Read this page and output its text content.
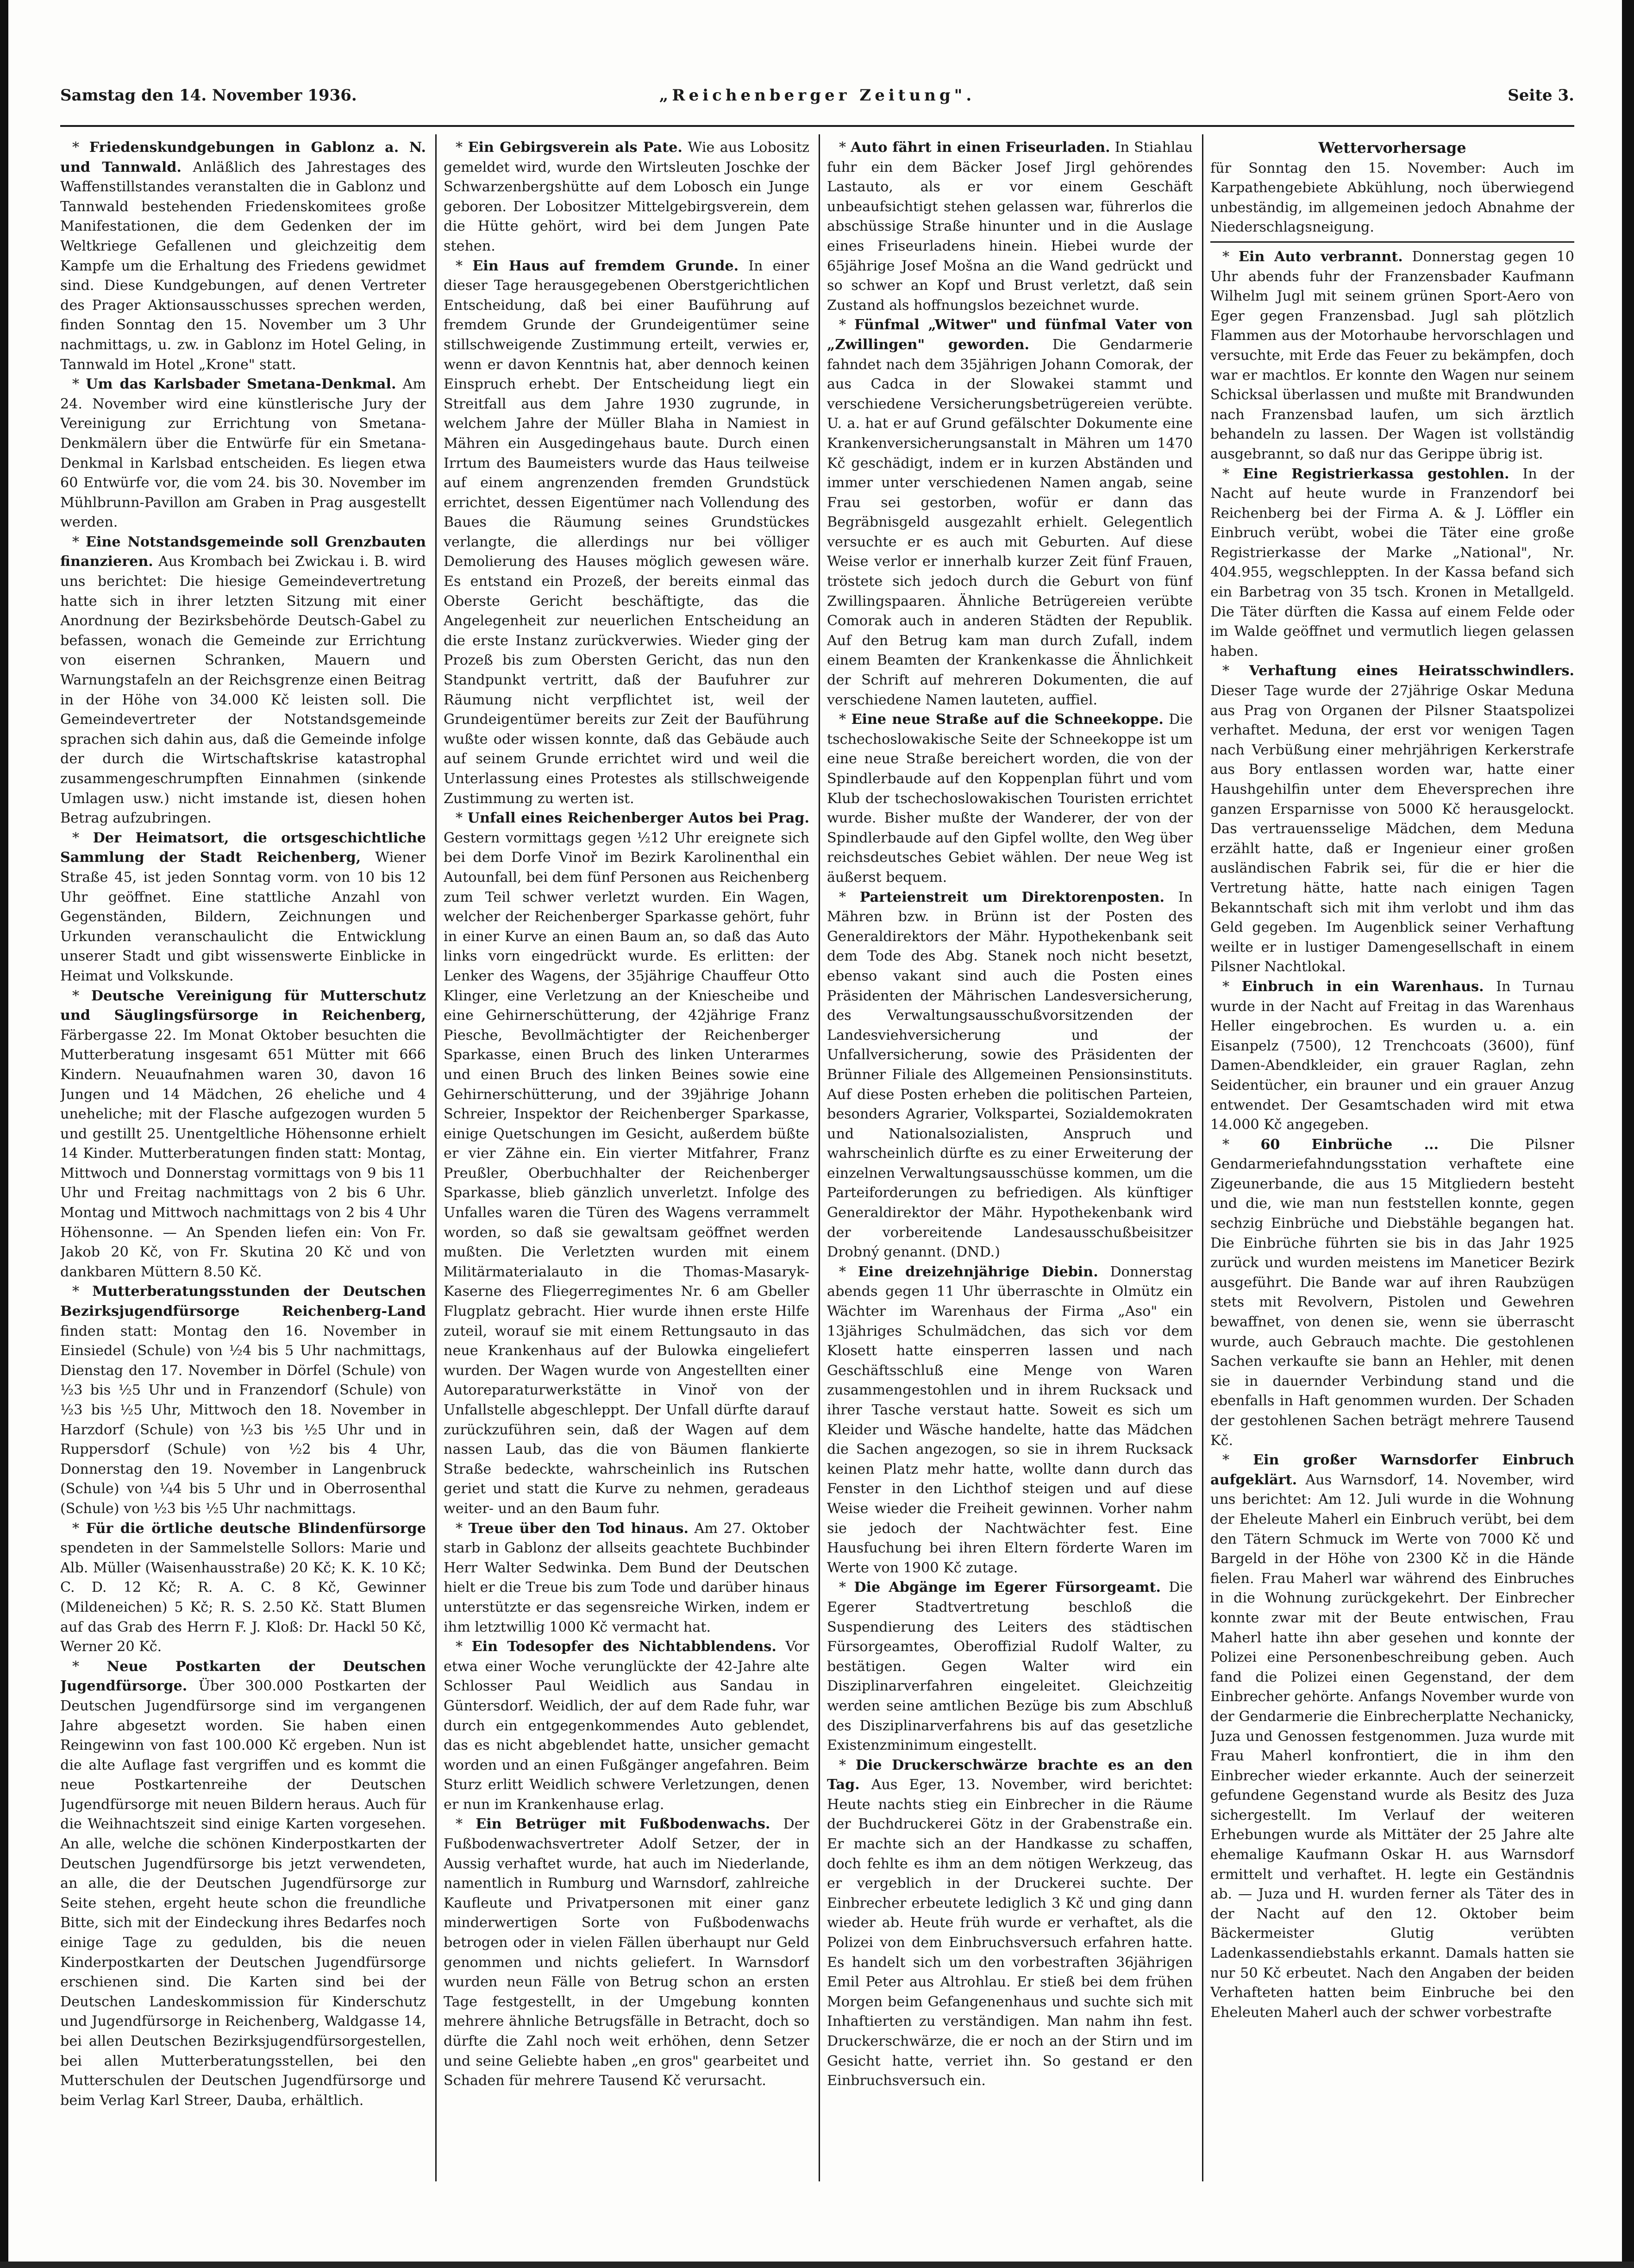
Samstag den 14. November 1936.	„Reichenberger Zeitung".	Seite 3.

* Friedenskundgebungen in Gablonz a. N. und Tannwald. Anläßlich des Jahrestages des Waffenstillstandes veranstalten die in Gablonz und Tannwald bestehenden Friedenskomitees große Manifestationen, die dem Gedenken der im Weltkriege Gefallenen und gleichzeitig dem Kampfe um die Erhaltung des Friedens gewidmet sind. Diese Kundgebungen, auf denen Vertreter des Prager Aktionsausschusses sprechen werden, finden Sonntag den 15. November um 3 Uhr nachmittags, u. zw. in Gablonz im Hotel Geling, in Tannwald im Hotel „Krone" statt.

* Um das Karlsbader Smetana-Denkmal. Am 24. November wird eine künstlerische Jury der Vereinigung zur Errichtung von Smetana-Denkmälern über die Entwürfe für ein Smetana-Denkmal in Karlsbad entscheiden. Es liegen etwa 60 Entwürfe vor, die vom 24. bis 30. November im Mühlbrunn-Pavillon am Graben in Prag ausgestellt werden.

* Eine Notstandsgemeinde soll Grenzbauten finanzieren. Aus Krombach bei Zwickau i. B. wird uns berichtet: Die hiesige Gemeindevertretung hatte sich in ihrer letzten Sitzung mit einer Anordnung der Bezirksbehörde Deutsch-Gabel zu befassen, wonach die Gemeinde zur Errichtung von eisernen Schranken, Mauern und Warnungstafeln an der Reichsgrenze einen Beitrag in der Höhe von 34.000 Kč leisten soll. Die Gemeindevertreter der Notstandsgemeinde sprachen sich dahin aus, daß die Gemeinde infolge der durch die Wirtschaftskrise katastrophal zusammengeschrumpften Einnahmen (sinkende Umlagen usw.) nicht imstande ist, diesen hohen Betrag aufzubringen.

* Der Heimatsort, die ortsgeschichtliche Sammlung der Stadt Reichenberg, Wiener Straße 45, ist jeden Sonntag vorm. von 10 bis 12 Uhr geöffnet. Eine stattliche Anzahl von Gegenständen, Bildern, Zeichnungen und Urkunden veranschaulicht die Entwicklung unserer Stadt und gibt wissenswerte Einblicke in Heimat und Volkskunde.

* Deutsche Vereinigung für Mutterschutz und Säuglingsfürsorge in Reichenberg, Färbergasse 22. Im Monat Oktober besuchten die Mutterberatung insgesamt 651 Mütter mit 666 Kindern. Neuaufnahmen waren 30, davon 16 Jungen und 14 Mädchen, 26 eheliche und 4 uneheliche; mit der Flasche aufgezogen wurden 5 und gestillt 25. Unentgeltliche Höhensonne erhielt 14 Kinder. Mutterberatungen finden statt: Montag, Mittwoch und Donnerstag vormittags von 9 bis 11 Uhr und Freitag nachmittags von 2 bis 6 Uhr. Montag und Mittwoch nachmittags von 2 bis 4 Uhr Höhensonne. — An Spenden liefen ein: Von Fr. Jakob 20 Kč, von Fr. Skutina 20 Kč und von dankbaren Müttern 8.50 Kč.

* Mutterberatungsstunden der Deutschen Bezirksjugendfürsorge Reichenberg-Land finden statt: Montag den 16. November in Einsiedel (Schule) von ½4 bis 5 Uhr nachmittags, Dienstag den 17. November in Dörfel (Schule) von ½3 bis ½5 Uhr und in Franzendorf (Schule) von ½3 bis ½5 Uhr, Mittwoch den 18. November in Harzdorf (Schule) von ½3 bis ½5 Uhr und in Ruppersdorf (Schule) von ½2 bis 4 Uhr, Donnerstag den 19. November in Langenbruck (Schule) von ¼4 bis 5 Uhr und in Oberrosenthal (Schule) von ½3 bis ½5 Uhr nachmittags.

* Für die örtliche deutsche Blindenfürsorge spendeten in der Sammelstelle Sollors: Marie und Alb. Müller (Waisenhausstraße) 20 Kč; K. K. 10 Kč; C. D. 12 Kč; R. A. C. 8 Kč, Gewinner (Mildeneichen) 5 Kč; R. S. 2.50 Kč. Statt Blumen auf das Grab des Herrn F. J. Kloß: Dr. Hackl 50 Kč, Werner 20 Kč.

* Neue Postkarten der Deutschen Jugendfürsorge. Über 300.000 Postkarten der Deutschen Jugendfürsorge sind im vergangenen Jahre abgesetzt worden. Sie haben einen Reingewinn von fast 100.000 Kč ergeben. Nun ist die alte Auflage fast vergriffen und es kommt die neue Postkartenreihe der Deutschen Jugendfürsorge mit neuen Bildern heraus. Auch für die Weihnachtszeit sind einige Karten vorgesehen. An alle, welche die schönen Kinderpostkarten der Deutschen Jugendfürsorge bis jetzt verwendeten, an alle, die der Deutschen Jugendfürsorge zur Seite stehen, ergeht heute schon die freundliche Bitte, sich mit der Eindeckung ihres Bedarfes noch einige Tage zu gedulden, bis die neuen Kinderpostkarten der Deutschen Jugendfürsorge erschienen sind. Die Karten sind bei der Deutschen Landeskommission für Kinderschutz und Jugendfürsorge in Reichenberg, Waldgasse 14, bei allen Deutschen Bezirksjugendfürsorgestellen, bei allen Mutterberatungsstellen, bei den Mutterschulen der Deutschen Jugendfürsorge und beim Verlag Karl Streer, Dauba, erhältlich.

* Ein Gebirgsverein als Pate. Wie aus Lobositz gemeldet wird, wurde den Wirtsleuten Joschke der Schwarzenbergshütte auf dem Lobosch ein Junge geboren. Der Lobositzer Mittelgebirgsverein, dem die Hütte gehört, wird bei dem Jungen Pate stehen.

* Ein Haus auf fremdem Grunde. In einer dieser Tage herausgegebenen Oberstgerichtlichen Entscheidung, daß bei einer Bauführung auf fremdem Grunde der Grundeigentümer seine stillschweigende Zustimmung erteilt, verwies er, wenn er davon Kenntnis hat, aber dennoch keinen Einspruch erhebt. Der Entscheidung liegt ein Streitfall aus dem Jahre 1930 zugrunde, in welchem Jahre der Müller Blaha in Namiest in Mähren ein Ausgedingehaus baute. Durch einen Irrtum des Baumeisters wurde das Haus teilweise auf einem angrenzenden fremden Grundstück errichtet, dessen Eigentümer nach Vollendung des Baues die Räumung seines Grundstückes verlangte, die allerdings nur bei völliger Demolierung des Hauses möglich gewesen wäre. Es entstand ein Prozeß, der bereits einmal das Oberste Gericht beschäftigte, das die Angelegenheit zur neuerlichen Entscheidung an die erste Instanz zurückverwies. Wieder ging der Prozeß bis zum Obersten Gericht, das nun den Standpunkt vertritt, daß der Baufuhrer zur Räumung nicht verpflichtet ist, weil der Grundeigentümer bereits zur Zeit der Bauführung wußte oder wissen konnte, daß das Gebäude auch auf seinem Grunde errichtet wird und weil die Unterlassung eines Protestes als stillschweigende Zustimmung zu werten ist.

* Unfall eines Reichenberger Autos bei Prag. Gestern vormittags gegen ½12 Uhr ereignete sich bei dem Dorfe Vinoř im Bezirk Karolinenthal ein Autounfall, bei dem fünf Personen aus Reichenberg zum Teil schwer verletzt wurden. Ein Wagen, welcher der Reichenberger Sparkasse gehört, fuhr in einer Kurve an einen Baum an, so daß das Auto links vorn eingedrückt wurde. Es erlitten: der Lenker des Wagens, der 35jährige Chauffeur Otto Klinger, eine Verletzung an der Kniescheibe und eine Gehirnerschütterung, der 42jährige Franz Piesche, Bevollmächtigter der Reichenberger Sparkasse, einen Bruch des linken Unterarmes und einen Bruch des linken Beines sowie eine Gehirnerschütterung, und der 39jährige Johann Schreier, Inspektor der Reichenberger Sparkasse, einige Quetschungen im Gesicht, außerdem büßte er vier Zähne ein. Ein vierter Mitfahrer, Franz Preußler, Oberbuchhalter der Reichenberger Sparkasse, blieb gänzlich unverletzt. Infolge des Unfalles waren die Türen des Wagens verrammelt worden, so daß sie gewaltsam geöffnet werden mußten. Die Verletzten wurden mit einem Militärmaterialauto in die Thomas-Masaryk-Kaserne des Fliegerregimentes Nr. 6 am Gbeller Flugplatz gebracht. Hier wurde ihnen erste Hilfe zuteil, worauf sie mit einem Rettungsauto in das neue Krankenhaus auf der Bulowka eingeliefert wurden. Der Wagen wurde von Angestellten einer Autoreparaturwerkstätte in Vinoř von der Unfallstelle abgeschleppt. Der Unfall dürfte darauf zurückzuführen sein, daß der Wagen auf dem nassen Laub, das die von Bäumen flankierte Straße bedeckte, wahrscheinlich ins Rutschen geriet und statt die Kurve zu nehmen, geradeaus weiter- und an den Baum fuhr.

* Treue über den Tod hinaus. Am 27. Oktober starb in Gablonz der allseits geachtete Buchbinder Herr Walter Sedwinka. Dem Bund der Deutschen hielt er die Treue bis zum Tode und darüber hinaus unterstützte er das segensreiche Wirken, indem er ihm letztwillig 1000 Kč vermacht hat.

* Ein Todesopfer des Nichtabblendens. Vor etwa einer Woche verunglückte der 42-Jahre alte Schlosser Paul Weidlich aus Sandau in Güntersdorf. Weidlich, der auf dem Rade fuhr, war durch ein entgegenkommendes Auto geblendet, das es nicht abgeblendet hatte, unsicher gemacht worden und an einen Fußgänger angefahren. Beim Sturz erlitt Weidlich schwere Verletzungen, denen er nun im Krankenhause erlag.

* Ein Betrüger mit Fußbodenwachs. Der Fußbodenwachsvertreter Adolf Setzer, der in Aussig verhaftet wurde, hat auch im Niederlande, namentlich in Rumburg und Warnsdorf, zahlreiche Kaufleute und Privatpersonen mit einer ganz minderwertigen Sorte von Fußbodenwachs betrogen oder in vielen Fällen überhaupt nur Geld genommen und nichts geliefert. In Warnsdorf wurden neun Fälle von Betrug schon an ersten Tage festgestellt, in der Umgebung konnten mehrere ähnliche Betrugsfälle in Betracht, doch so dürfte die Zahl noch weit erhöhen, denn Setzer und seine Geliebte haben „en gros" gearbeitet und Schaden für mehrere Tausend Kč verursacht.

* Auto fährt in einen Friseurladen. In Stiahlau fuhr ein dem Bäcker Josef Jirgl gehörendes Lastauto, als er vor einem Geschäft unbeaufsichtigt stehen gelassen war, führerlos die abschüssige Straße hinunter und in die Auslage eines Friseurladens hinein. Hiebei wurde der 65jährige Josef Mošna an die Wand gedrückt und so schwer an Kopf und Brust verletzt, daß sein Zustand als hoffnungslos bezeichnet wurde.

* Fünfmal „Witwer" und fünfmal Vater von „Zwillingen" geworden. Die Gendarmerie fahndet nach dem 35jährigen Johann Comorak, der aus Cadca in der Slowakei stammt und verschiedene Versicherungsbetrügereien verübte. U. a. hat er auf Grund gefälschter Dokumente eine Krankenversicherungsanstalt in Mähren um 1470 Kč geschädigt, indem er in kurzen Abständen und immer unter verschiedenen Namen angab, seine Frau sei gestorben, wofür er dann das Begräbnisgeld ausgezahlt erhielt. Gelegentlich versuchte er es auch mit Geburten. Auf diese Weise verlor er innerhalb kurzer Zeit fünf Frauen, tröstete sich jedoch durch die Geburt von fünf Zwillingspaaren. Ähnliche Betrügereien verübte Comorak auch in anderen Städten der Republik. Auf den Betrug kam man durch Zufall, indem einem Beamten der Krankenkasse die Ähnlichkeit der Schrift auf mehreren Dokumenten, die auf verschiedene Namen lauteten, auffiel.

* Eine neue Straße auf die Schneekoppe. Die tschechoslowakische Seite der Schneekoppe ist um eine neue Straße bereichert worden, die von der Spindlerbaude auf den Koppenplan führt und vom Klub der tschechoslowakischen Touristen errichtet wurde. Bisher mußte der Wanderer, der von der Spindlerbaude auf den Gipfel wollte, den Weg über reichsdeutsches Gebiet wählen. Der neue Weg ist äußerst bequem.

* Parteienstreit um Direktorenposten. In Mähren bzw. in Brünn ist der Posten des Generaldirektors der Mähr. Hypothekenbank seit dem Tode des Abg. Stanek noch nicht besetzt, ebenso vakant sind auch die Posten eines Präsidenten der Mährischen Landesversicherung, des Verwaltungsausschußvorsitzenden der Landesviehversicherung und der Unfallversicherung, sowie des Präsidenten der Brünner Filiale des Allgemeinen Pensionsinstituts. Auf diese Posten erheben die politischen Parteien, besonders Agrarier, Volkspartei, Sozialdemokraten und Nationalsozialisten, Anspruch und wahrscheinlich dürfte es zu einer Erweiterung der einzelnen Verwaltungsausschüsse kommen, um die Parteiforderungen zu befriedigen. Als künftiger Generaldirektor der Mähr. Hypothekenbank wird der vorbereitende Landesausschußbeisitzer Drobný genannt. (DND.)

* Eine dreizehnjährige Diebin. Donnerstag abends gegen 11 Uhr überraschte in Olmütz ein Wächter im Warenhaus der Firma „Aso" ein 13jähriges Schulmädchen, das sich vor dem Klosett hatte einsperren lassen und nach Geschäftsschluß eine Menge von Waren zusammengestohlen und in ihrem Rucksack und ihrer Tasche verstaut hatte. Soweit es sich um Kleider und Wäsche handelte, hatte das Mädchen die Sachen angezogen, so sie in ihrem Rucksack keinen Platz mehr hatte, wollte dann durch das Fenster in den Lichthof steigen und auf diese Weise wieder die Freiheit gewinnen. Vorher nahm sie jedoch der Nachtwächter fest. Eine Hausfuchung bei ihren Eltern förderte Waren im Werte von 1900 Kč zutage.

* Die Abgänge im Egerer Fürsorgeamt. Die Egerer Stadtvertretung beschloß die Suspendierung des Leiters des städtischen Fürsorgeamtes, Oberoffizial Rudolf Walter, zu bestätigen. Gegen Walter wird ein Disziplinarverfahren eingeleitet. Gleichzeitig werden seine amtlichen Bezüge bis zum Abschluß des Disziplinarverfahrens bis auf das gesetzliche Existenzminimum eingestellt.

* Die Druckerschwärze brachte es an den Tag. Aus Eger, 13. November, wird berichtet: Heute nachts stieg ein Einbrecher in die Räume der Buchdruckerei Götz in der Grabenstraße ein. Er machte sich an der Handkasse zu schaffen, doch fehlte es ihm an dem nötigen Werkzeug, das er vergeblich in der Druckerei suchte. Der Einbrecher erbeutete lediglich 3 Kč und ging dann wieder ab. Heute früh wurde er verhaftet, als die Polizei von dem Einbruchsversuch erfahren hatte. Es handelt sich um den vorbestraften 36jährigen Emil Peter aus Altrohlau. Er stieß bei dem frühen Morgen beim Gefangenenhaus und suchte sich mit Inhaftierten zu verständigen. Man nahm ihn fest. Druckerschwärze, die er noch an der Stirn und im Gesicht hatte, verriet ihn. So gestand er den Einbruchsversuch ein.

Wettervorhersage

für Sonntag den 15. November: Auch im Karpathengebiete Abkühlung, noch überwiegend unbeständig, im allgemeinen jedoch Abnahme der Niederschlagsneigung.

* Ein Auto verbrannt. Donnerstag gegen 10 Uhr abends fuhr der Franzensbader Kaufmann Wilhelm Jugl mit seinem grünen Sport-Aero von Eger gegen Franzensbad. Jugl sah plötzlich Flammen aus der Motorhaube hervorschlagen und versuchte, mit Erde das Feuer zu bekämpfen, doch war er machtlos. Er konnte den Wagen nur seinem Schicksal überlassen und mußte mit Brandwunden nach Franzensbad laufen, um sich ärztlich behandeln zu lassen. Der Wagen ist vollständig ausgebrannt, so daß nur das Gerippe übrig ist.

* Eine Registrierkassa gestohlen. In der Nacht auf heute wurde in Franzendorf bei Reichenberg bei der Firma A. & J. Löffler ein Einbruch verübt, wobei die Täter eine große Registrierkasse der Marke „National", Nr. 404.955, wegschleppten. In der Kassa befand sich ein Barbetrag von 35 tsch. Kronen in Metallgeld. Die Täter dürften die Kassa auf einem Felde oder im Walde geöffnet und vermutlich liegen gelassen haben.

* Verhaftung eines Heiratsschwindlers. Dieser Tage wurde der 27jährige Oskar Meduna aus Prag von Organen der Pilsner Staatspolizei verhaftet. Meduna, der erst vor wenigen Tagen nach Verbüßung einer mehrjährigen Kerkerstrafe aus Bory entlassen worden war, hatte einer Haushgehilfin unter dem Eheversprechen ihre ganzen Ersparnisse von 5000 Kč herausgelockt. Das vertrauensselige Mädchen, dem Meduna erzählt hatte, daß er Ingenieur einer großen ausländischen Fabrik sei, für die er hier die Vertretung hätte, hatte nach einigen Tagen Bekanntschaft sich mit ihm verlobt und ihm das Geld gegeben. Im Augenblick seiner Verhaftung weilte er in lustiger Damengesellschaft in einem Pilsner Nachtlokal.

* Einbruch in ein Warenhaus. In Turnau wurde in der Nacht auf Freitag in das Warenhaus Heller eingebrochen. Es wurden u. a. ein Eisanpelz (7500), 12 Trenchcoats (3600), fünf Damen-Abendkleider, ein grauer Raglan, zehn Seidentücher, ein brauner und ein grauer Anzug entwendet. Der Gesamtschaden wird mit etwa 14.000 Kč angegeben.

* 60 Einbrüche ... Die Pilsner Gendarmeriefahndungsstation verhaftete eine Zigeunerbande, die aus 15 Mitgliedern besteht und die, wie man nun feststellen konnte, gegen sechzig Einbrüche und Diebstähle begangen hat. Die Einbrüche führten sie bis in das Jahr 1925 zurück und wurden meistens im Maneticer Bezirk ausgeführt. Die Bande war auf ihren Raubzügen stets mit Revolvern, Pistolen und Gewehren bewaffnet, von denen sie, wenn sie überrascht wurde, auch Gebrauch machte. Die gestohlenen Sachen verkaufte sie bann an Hehler, mit denen sie in dauernder Verbindung stand und die ebenfalls in Haft genommen wurden. Der Schaden der gestohlenen Sachen beträgt mehrere Tausend Kč.

* Ein großer Warnsdorfer Einbruch aufgeklärt. Aus Warnsdorf, 14. November, wird uns berichtet: Am 12. Juli wurde in die Wohnung der Eheleute Maherl ein Einbruch verübt, bei dem den Tätern Schmuck im Werte von 7000 Kč und Bargeld in der Höhe von 2300 Kč in die Hände fielen. Frau Maherl war während des Einbruches in die Wohnung zurückgekehrt. Der Einbrecher konnte zwar mit der Beute entwischen, Frau Maherl hatte ihn aber gesehen und konnte der Polizei eine Personenbeschreibung geben. Auch fand die Polizei einen Gegenstand, der dem Einbrecher gehörte. Anfangs November wurde von der Gendarmerie die Einbrecherplatte Nechanicky, Juza und Genossen festgenommen. Juza wurde mit Frau Maherl konfrontiert, die in ihm den Einbrecher wieder erkannte. Auch der seinerzeit gefundene Gegenstand wurde als Besitz des Juza sichergestellt. Im Verlauf der weiteren Erhebungen wurde als Mittäter der 25 Jahre alte ehemalige Kaufmann Oskar H. aus Warnsdorf ermittelt und verhaftet. H. legte ein Geständnis ab. — Juza und H. wurden ferner als Täter des in der Nacht auf den 12. Oktober beim Bäckermeister Glutig verübten Ladenkassendiebstahls erkannt. Damals hatten sie nur 50 Kč erbeutet. Nach den Angaben der beiden Verhafteten hatten beim Einbruche bei den Eheleuten Maherl auch der schwer vorbestrafte
